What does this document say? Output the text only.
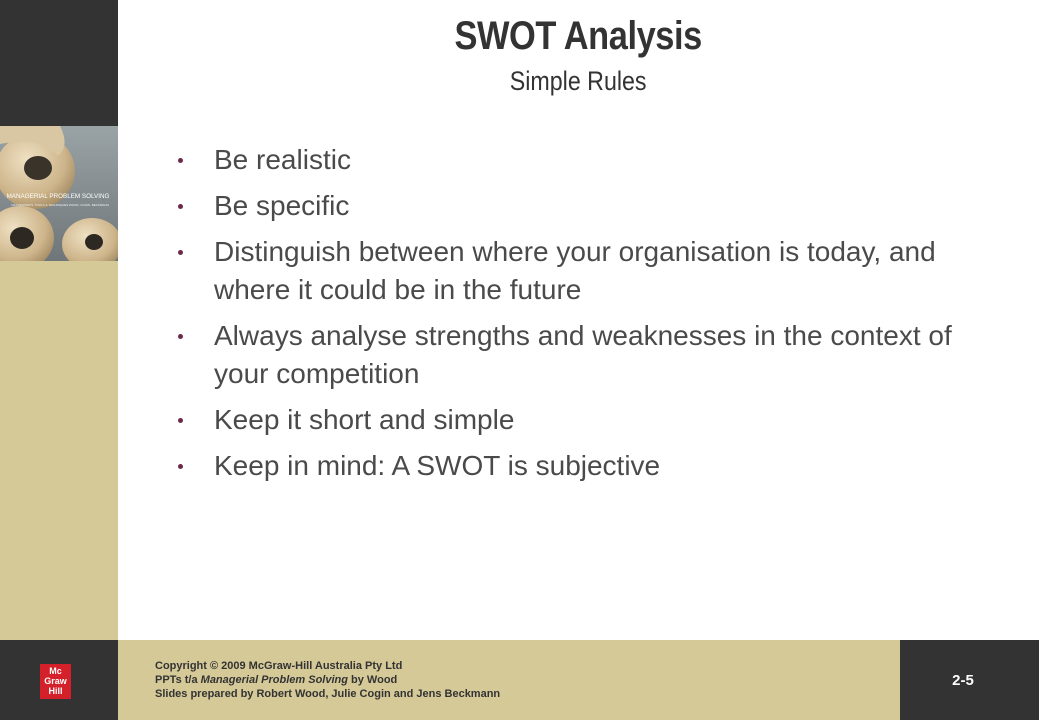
MANAGERIAL PROBLEM SOLVING
FRAMEWORKS, TOOLS & TECHNIQUES WOOD, COGIN, BECKMANN
SWOT Analysis
Simple Rules
Be realistic
Be specific
Distinguish between where your organisation is today, and where it could be in the future
Always analyse strengths and weaknesses in the context of your competition
Keep it short and simple
Keep in mind: A SWOT is subjective
Mc
Graw
Hill
Copyright © 2009 McGraw-Hill Australia Pty Ltd
PPTs t/a Managerial Problem Solving by Wood
Slides prepared by Robert Wood, Julie Cogin and Jens Beckmann
2-5
